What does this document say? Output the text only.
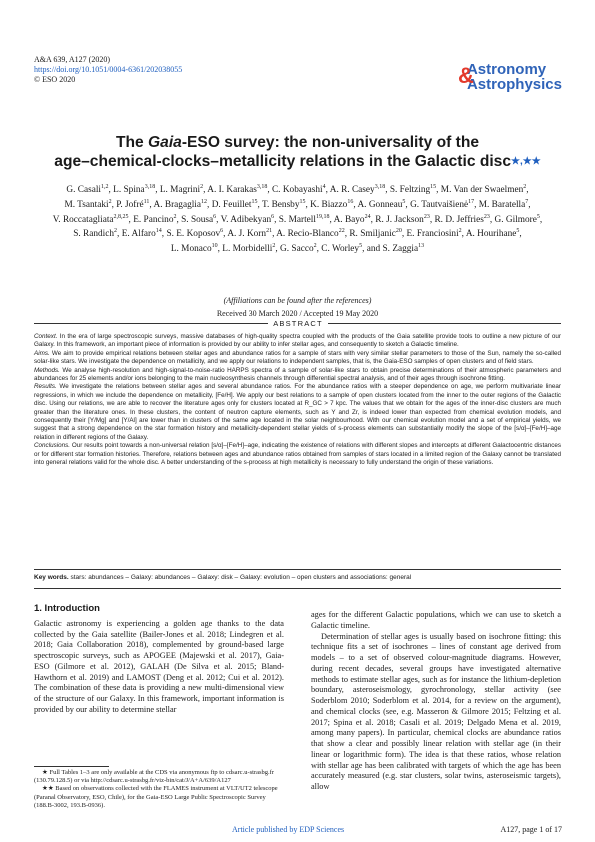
A&A 639, A127 (2020)
https://doi.org/10.1051/0004-6361/202038055
© ESO 2020
Astronomy
&
Astrophysics
The Gaia-ESO survey: the non-universality of the
age–chemical-clocks–metallicity relations in the Galactic disc★,★★
G. Casali$^{1,2}$, L. Spina$^{3,18}$, L. Magrini$^2$, A. I. Karakas$^{3,18}$, C. Kobayashi$^4$, A. R. Casey$^{3,18}$, S. Feltzing$^{15}$, M. Van der Swaelmen$^2$, M. Tsantaki$^2$, P. Jofré$^{11}$, A. Bragaglia$^{12}$, D. Feuillet$^{15}$, T. Bensby$^{15}$, K. Biazzo$^{16}$, A. Gonneau$^5$, G. Tautvaišienė$^{17}$, M. Baratella$^7$, V. Roccatagliata$^{2,8,25}$, E. Pancino$^2$, S. Sousa$^6$, V. Adibekyan$^6$, S. Martell$^{19,18}$, A. Bayo$^{24}$, R. J. Jackson$^{23}$, R. D. Jeffries$^{23}$, G. Gilmore$^5$, S. Randich$^2$, E. Alfaro$^{14}$, S. E. Koposov$^6$, A. J. Korn$^{21}$, A. Recio-Blanco$^{22}$, R. Smiljanic$^{20}$, E. Franciosini$^2$, A. Hourihane$^5$, L. Monaco$^{10}$, L. Morbidelli$^2$, G. Sacco$^2$, C. Worley$^5$, and S. Zaggia$^{13}$
(Affiliations can be found after the references)
Received 30 March 2020 / Accepted 19 May 2020
ABSTRACT

Context. In the era of large spectroscopic surveys, massive databases of high-quality spectra coupled with the products of the Gaia satellite provide tools to outline a new picture of our Galaxy. In this framework, an important piece of information is provided by our ability to infer stellar ages, and consequently to sketch a Galactic timeline.

Aims. We aim to provide empirical relations between stellar ages and abundance ratios for a sample of stars with very similar stellar parameters to those of the Sun, namely the so-called solar-like stars. We investigate the dependence on metallicity, and we apply our relations to independent samples, that is, the Gaia-ESO samples of open clusters and of field stars.

Methods. We analyse high-resolution and high-signal-to-noise-ratio HARPS spectra of a sample of solar-like stars to obtain precise determinations of their atmospheric parameters and abundances for 25 elements and/or ions belonging to the main nucleosynthesis channels through differential spectral analysis, and of their ages through isochrone fitting.

Results. We investigate the relations between stellar ages and several abundance ratios. For the abundance ratios with a steeper dependence on age, we perform multivariate linear regressions, in which we include the dependence on metallicity, [Fe/H]. We apply our best relations to a sample of open clusters located from the inner to the outer regions of the Galactic disc. Using our relations, we are able to recover the literature ages only for clusters located at R_GC > 7 kpc. The values that we obtain for the ages of the inner-disc clusters are much greater than the literature ones. In these clusters, the content of neutron capture elements, such as Y and Zr, is indeed lower than expected from chemical evolution models, and consequently their [Y/Mg] and [Y/Al] are lower than in clusters of the same age located in the solar neighbourhood. With our chemical evolution model and a set of empirical yields, we suggest that a strong dependence on the star formation history and metallicity-dependent stellar yields of s-process elements can substantially modify the slope of the [s/α]–[Fe/H]–age relation in different regions of the Galaxy.

Conclusions. Our results point towards a non-universal relation [s/α]–[Fe/H]–age, indicating the existence of relations with different slopes and intercepts at different Galactocentric distances or for different star formation histories. Therefore, relations between ages and abundance ratios obtained from samples of stars located in a limited region of the Galaxy cannot be translated into general relations valid for the whole disc. A better understanding of the s-process at high metallicity is necessary to fully understand the origin of these variations.

Key words. stars: abundances – Galaxy: abundances – Galaxy: disk – Galaxy: evolution – open clusters and associations: general
1. Introduction

Galactic astronomy is experiencing a golden age thanks to the data collected by the Gaia satellite (Bailer-Jones et al. 2018; Lindegren et al. 2018; Gaia Collaboration 2018), complemented by ground-based large spectroscopic surveys, such as APOGEE (Majewski et al. 2017), Gaia-ESO (Gilmore et al. 2012), GALAH (De Silva et al. 2015; Bland-Hawthorn et al. 2019) and LAMOST (Deng et al. 2012; Cui et al. 2012). The combination of these data is providing a new multi-dimensional view of the structure of our Galaxy. In this framework, important information is provided by our ability to determine stellar

ages for the different Galactic populations, which we can use to sketch a Galactic timeline.

Determination of stellar ages is usually based on isochrone fitting: this technique fits a set of isochrones – lines of constant age derived from models – to a set of observed colour-magnitude diagrams. However, during recent decades, several groups have investigated alternative methods to estimate stellar ages, such as for instance the lithium-depletion boundary, asteroseismology, gyrochronology, stellar activity (see Soderblom 2010; Soderblom et al. 2014, for a review on the argument), and chemical clocks (see, e.g. Masseron & Gilmore 2015; Feltzing et al. 2017; Spina et al. 2018; Casali et al. 2019; Delgado Mena et al. 2019, among many papers). In particular, chemical clocks are abundance ratios that show a clear and possibly linear relation with stellar age (in their linear or logarithmic form). The idea is that these ratios, whose relation with stellar age has been calibrated with targets of which the age has been accurately measured (e.g. star clusters, solar twins, asteroseismic targets), allow

★ Full Tables 1–3 are only available at the CDS via anonymous ftp to cdsarc.u-strasbg.fr (130.79.128.5) or via http://cdsarc.u-strasbg.fr/viz-bin/cat/J/A+A/639/A127

★★ Based on observations collected with the FLAMES instrument at VLT/UT2 telescope (Paranal Observatory, ESO, Chile), for the Gaia-ESO Large Public Spectroscopic Survey (188.B-3002, 193.B-0936).

Article published by EDP Sciences	A127, page 1 of 17
